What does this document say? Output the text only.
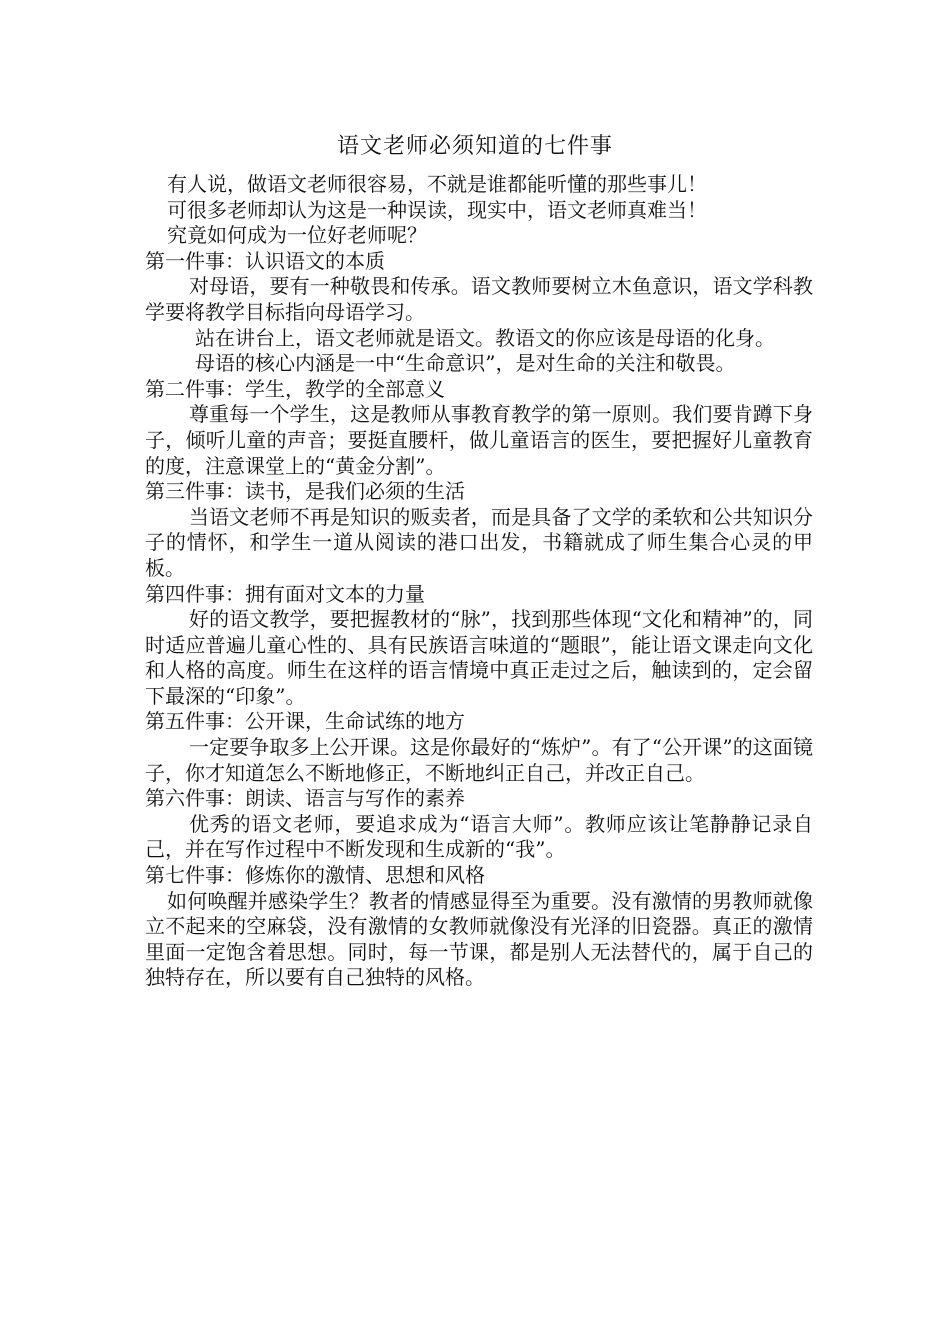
语文老师必须知道的七件事

有人说，做语文老师很容易，不就是谁都能听懂的那些事儿！

可很多老师却认为这是一种误读，现实中，语文老师真难当！

究竟如何成为一位好老师呢？

第一件事：认识语文的本质

对母语，要有一种敬畏和传承。语文教师要树立木鱼意识，语文学科教学要将教学目标指向母语学习。

站在讲台上，语文老师就是语文。教语文的你应该是母语的化身。

母语的核心内涵是一中“生命意识”，是对生命的关注和敬畏。

第二件事：学生，教学的全部意义

尊重每一个学生，这是教师从事教育教学的第一原则。我们要肯蹲下身子，倾听儿童的声音；要挺直腰杆，做儿童语言的医生，要把握好儿童教育的度，注意课堂上的“黄金分割”。

第三件事：读书，是我们必须的生活

当语文老师不再是知识的贩卖者，而是具备了文学的柔软和公共知识分子的情怀，和学生一道从阅读的港口出发，书籍就成了师生集合心灵的甲板。

第四件事：拥有面对文本的力量

好的语文教学，要把握教材的“脉”，找到那些体现“文化和精神”的，同时适应普遍儿童心性的、具有民族语言味道的“题眼”，能让语文课走向文化和人格的高度。师生在这样的语言情境中真正走过之后，触读到的，定会留下最深的“印象”。

第五件事：公开课，生命试练的地方

一定要争取多上公开课。这是你最好的“炼炉”。有了“公开课”的这面镜子，你才知道怎么不断地修正，不断地纠正自己，并改正自己。

第六件事：朗读、语言与写作的素养

优秀的语文老师，要追求成为“语言大师”。教师应该让笔静静记录自己，并在写作过程中不断发现和生成新的“我”。

第七件事：修炼你的激情、思想和风格

如何唤醒并感染学生？教者的情感显得至为重要。没有激情的男教师就像立不起来的空麻袋，没有激情的女教师就像没有光泽的旧瓷器。真正的激情里面一定饱含着思想。同时，每一节课，都是别人无法替代的，属于自己的独特存在，所以要有自己独特的风格。
